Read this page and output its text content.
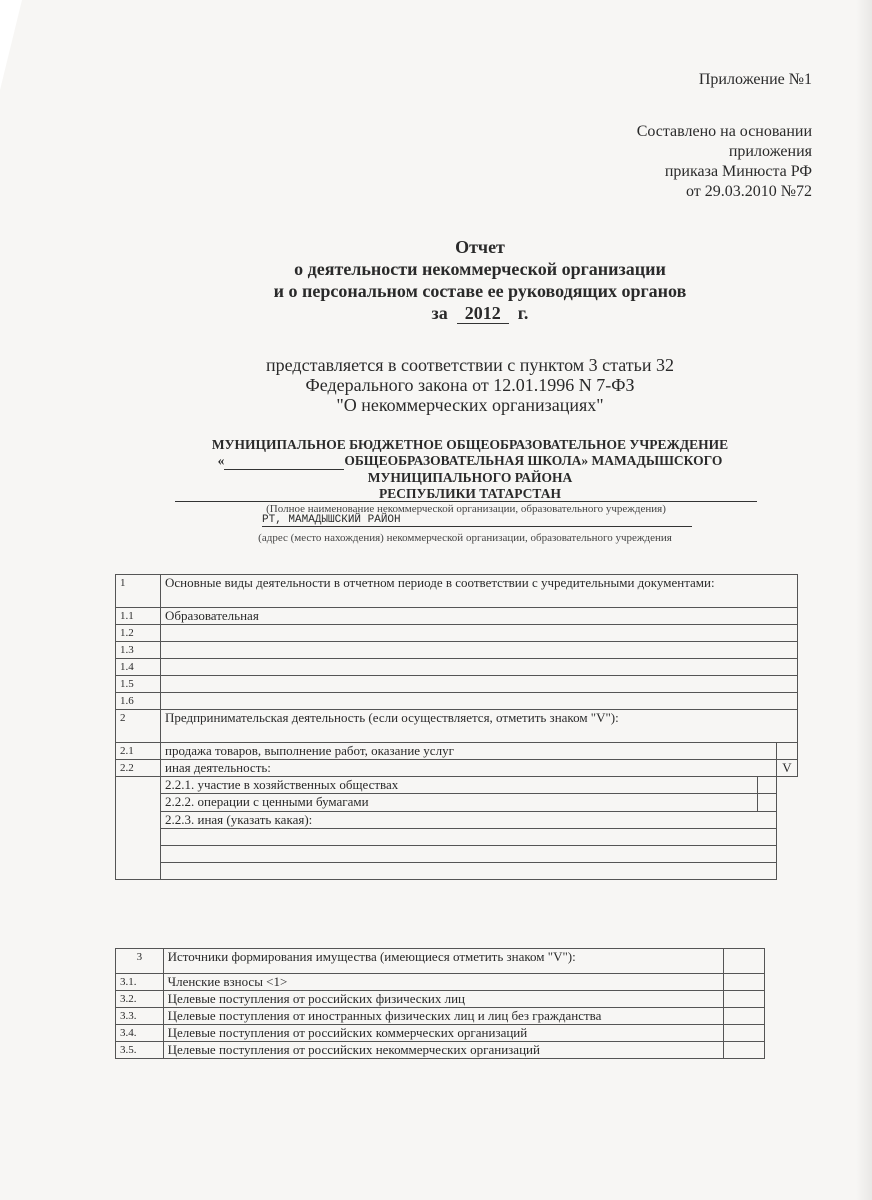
Приложение №1
Составлено на основании
приложения
приказа Минюста РФ
от 29.03.2010 №72
Отчет
о деятельности некоммерческой организации
и о персональном составе ее руководящих органов
за 2012 г.
представляется в соответствии с пунктом 3 статьи 32
Федерального закона от 12.01.1996 N 7-ФЗ
"О некоммерческих организациях"
МУНИЦИПАЛЬНОЕ БЮДЖЕТНОЕ ОБЩЕОБРАЗОВАТЕЛЬНОЕ УЧРЕЖДЕНИЕ
«	ОБЩЕОБРАЗОВАТЕЛЬНАЯ ШКОЛА» МАМАДЫШСКОГО
МУНИЦИПАЛЬНОГО РАЙОНА
РЕСПУБЛИКИ ТАТАРСТАН
(Полное наименование некоммерческой организации, образовательного учреждения)
РТ, МАМАДЫШСКИЙ РАЙОН
(адрес (место нахождения) некоммерческой организации, образовательного учреждения
1	Основные виды деятельности в отчетном периоде в соответствии с учредительными документами:		
1.1	Образовательная		
1.2			
1.3			
1.4			
1.5			
1.6			
2	Предпринимательская деятельность (если осуществляется, отметить знаком "V"):		
2.1	продажа товаров, выполнение работ, оказание услуг		
2.2	иная деятельность:		V
	2.2.1. участие в хозяйственных обществах		
	2.2.2. операции с ценными бумагами		
	2.2.3. иная (указать какая):		

3	Источники формирования имущества (имеющиеся отметить знаком "V"):	
3.1.	Членские взносы <1>	
3.2.	Целевые поступления от российских физических лиц	
3.3.	Целевые поступления от иностранных физических лиц и лиц без гражданства	
3.4.	Целевые поступления от российских коммерческих организаций	
3.5.	Целевые поступления от российских некоммерческих организаций	
